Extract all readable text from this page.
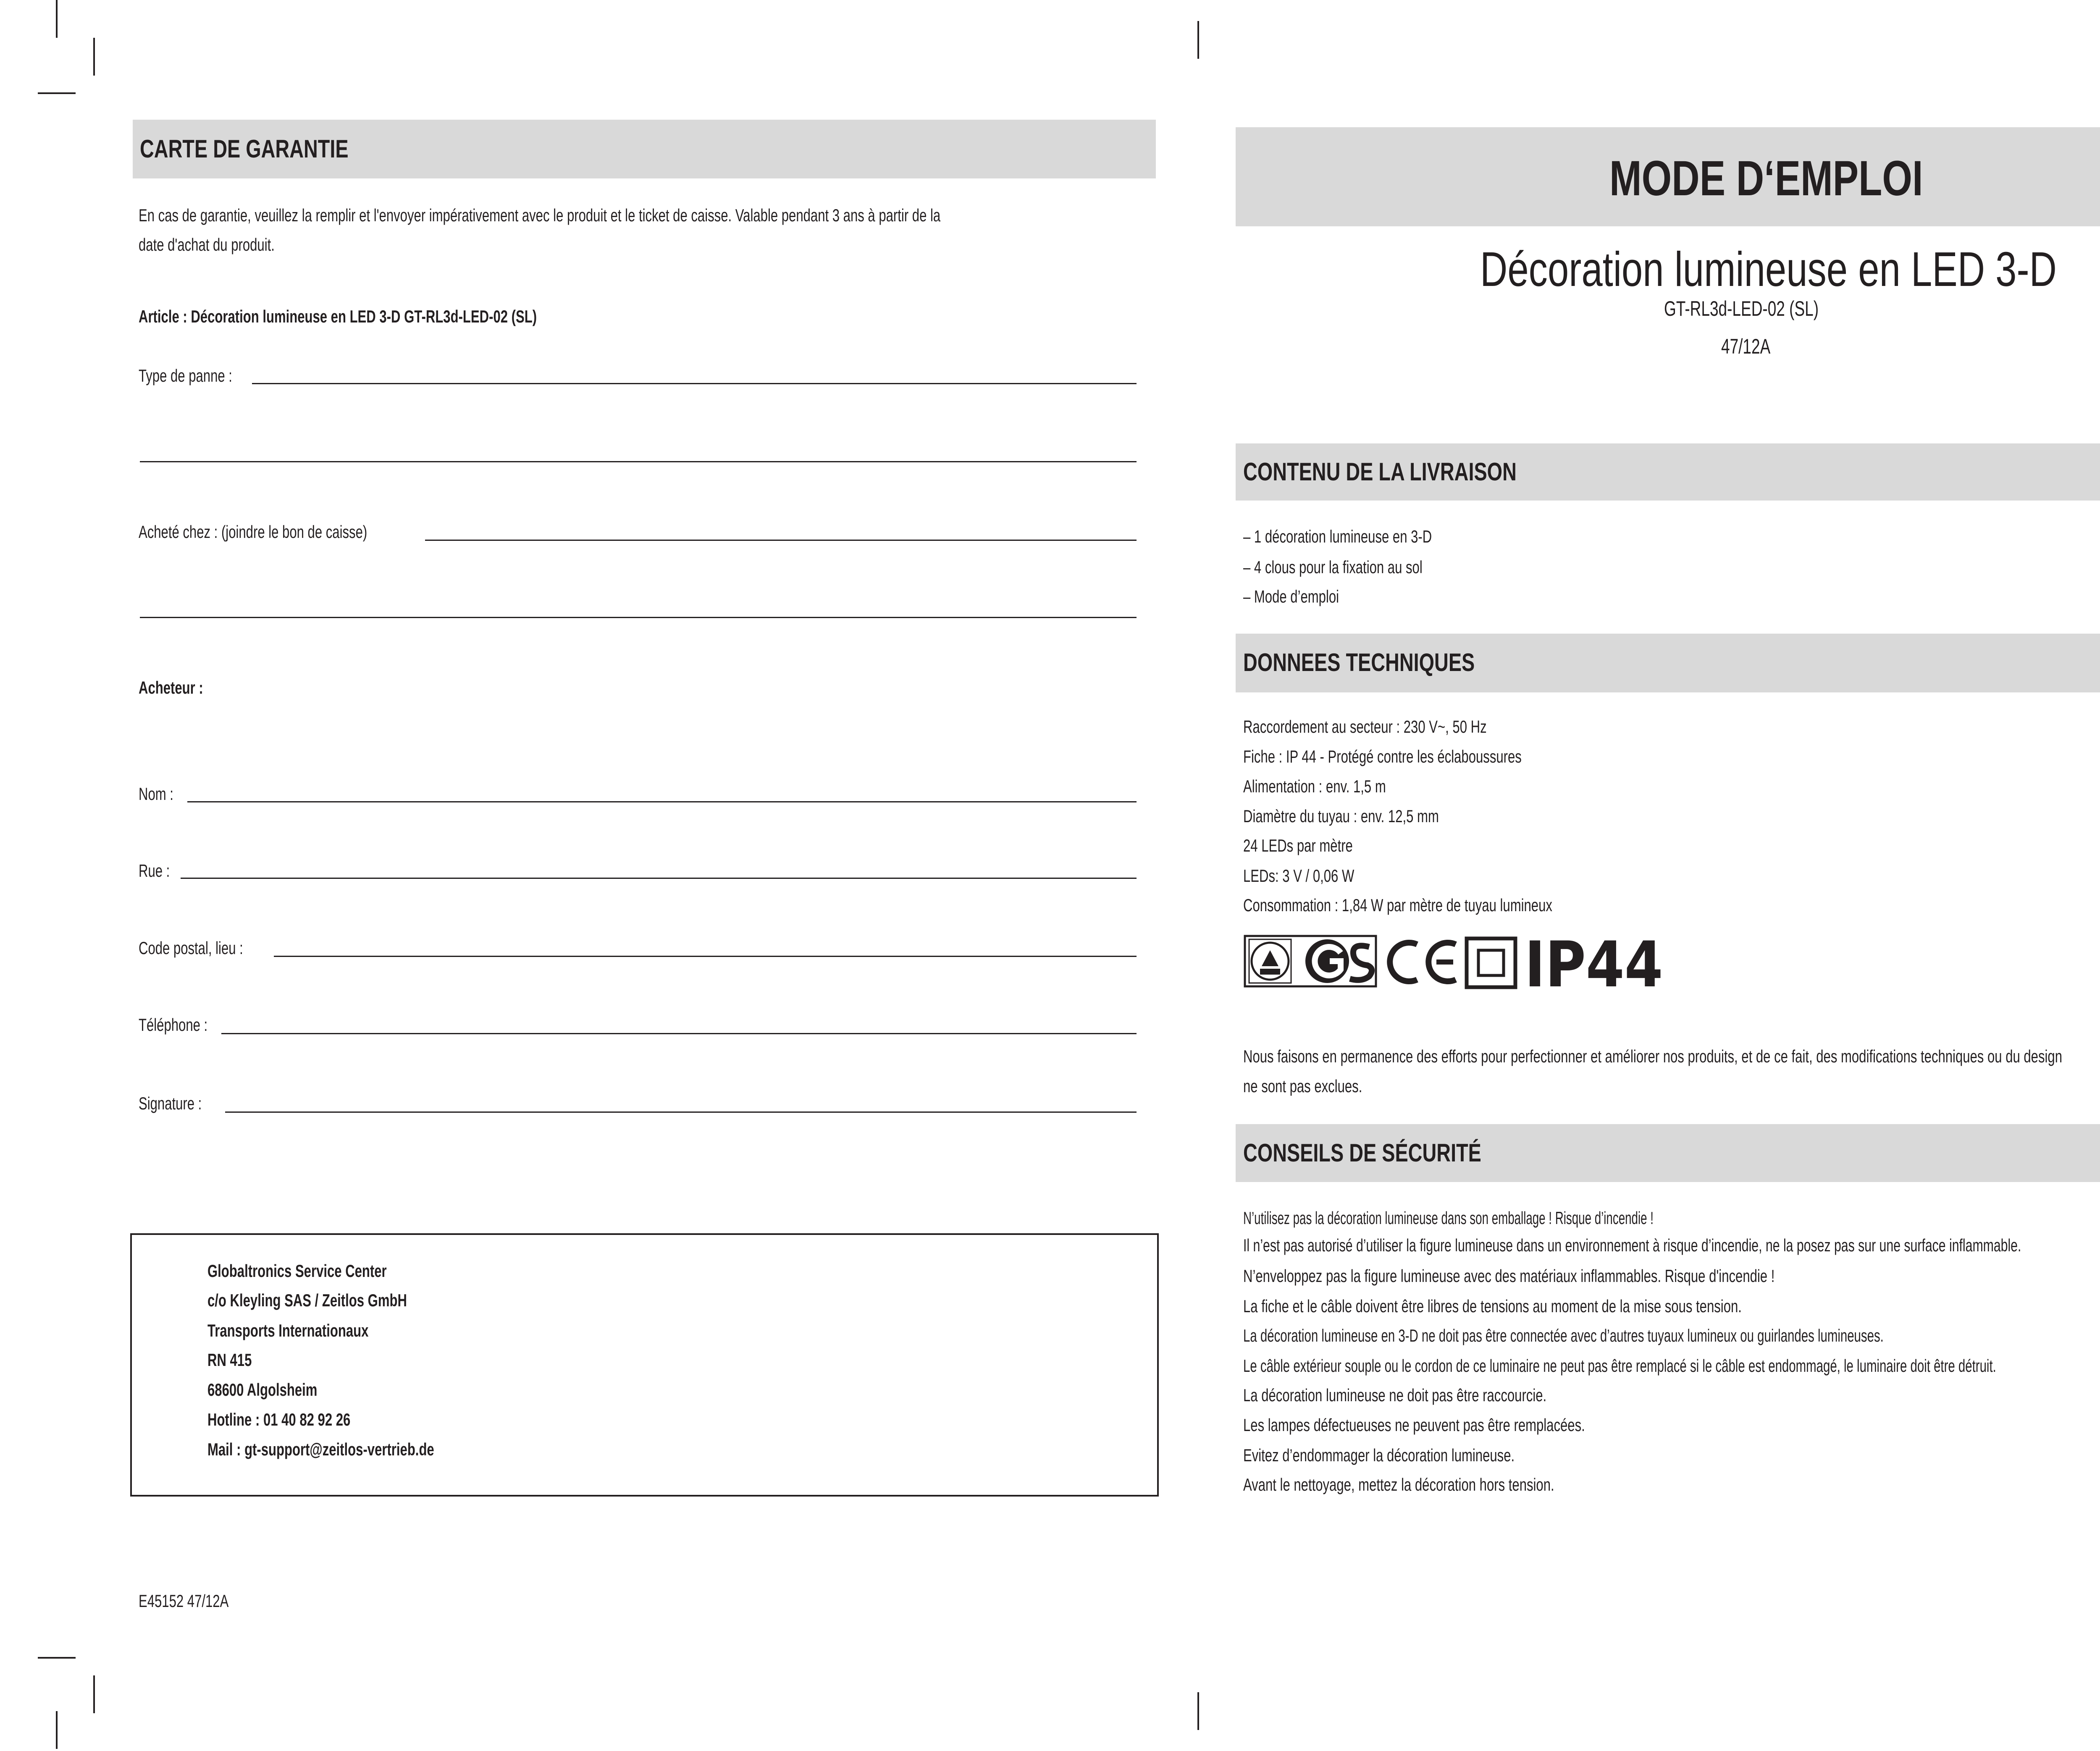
CARTE DE GARANTIE
En cas de garantie, veuillez la remplir et l'envoyer impérativement avec le produit et le ticket de caisse. Valable pendant 3 ans à partir de la
date d'achat du produit.
Article : Décoration lumineuse en LED 3-D GT-RL3d-LED-02 (SL)
Type de panne :
Acheté chez : (joindre le bon de caisse)
Acheteur :
Nom :
Rue :
Code postal, lieu :
Téléphone :
Signature :
Globaltronics Service Center
c/o Kleyling SAS / Zeitlos GmbH
Transports Internationaux
RN 415
68600 Algolsheim
Hotline : 01 40 82 92 26
Mail : gt-support@zeitlos-vertrieb.de
E45152 47/12A
MODE D‘EMPLOI
Décoration lumineuse en LED 3-D
GT-RL3d-LED-02 (SL)
47/12A
CONTENU DE LA LIVRAISON
– 1 décoration lumineuse en 3-D
– 4 clous pour la fixation au sol
– Mode d’emploi
DONNEES TECHNIQUES
Raccordement au secteur : 230 V~, 50 Hz
Fiche : IP 44 - Protégé contre les éclaboussures
Alimentation : env. 1,5 m
Diamètre du tuyau : env. 12,5 mm
24 LEDs par mètre
LEDs: 3 V / 0,06 W
Consommation : 1,84 W par mètre de tuyau lumineux
IP44
Nous faisons en permanence des efforts pour perfectionner et améliorer nos produits, et de ce fait, des modifications techniques ou du design
ne sont pas exclues.
CONSEILS DE SÉCURITÉ
N’utilisez pas la décoration lumineuse dans son emballage ! Risque d’incendie !
Il n’est pas autorisé d’utiliser la figure lumineuse dans un environnement à risque d’incendie, ne la posez pas sur une surface inflammable.
N’enveloppez pas la figure lumineuse avec des matériaux inflammables. Risque d'incendie !
La fiche et le câble doivent être libres de tensions au moment de la mise sous tension.
La décoration lumineuse en 3-D ne doit pas être connectée avec d’autres tuyaux lumineux ou guirlandes lumineuses.
Le câble extérieur souple ou le cordon de ce luminaire ne peut pas être remplacé si le câble est endommagé, le luminaire doit être détruit.
La décoration lumineuse ne doit pas être raccourcie.
Les lampes défectueuses ne peuvent pas être remplacées.
Evitez d’endommager la décoration lumineuse.
Avant le nettoyage, mettez la décoration hors tension.
